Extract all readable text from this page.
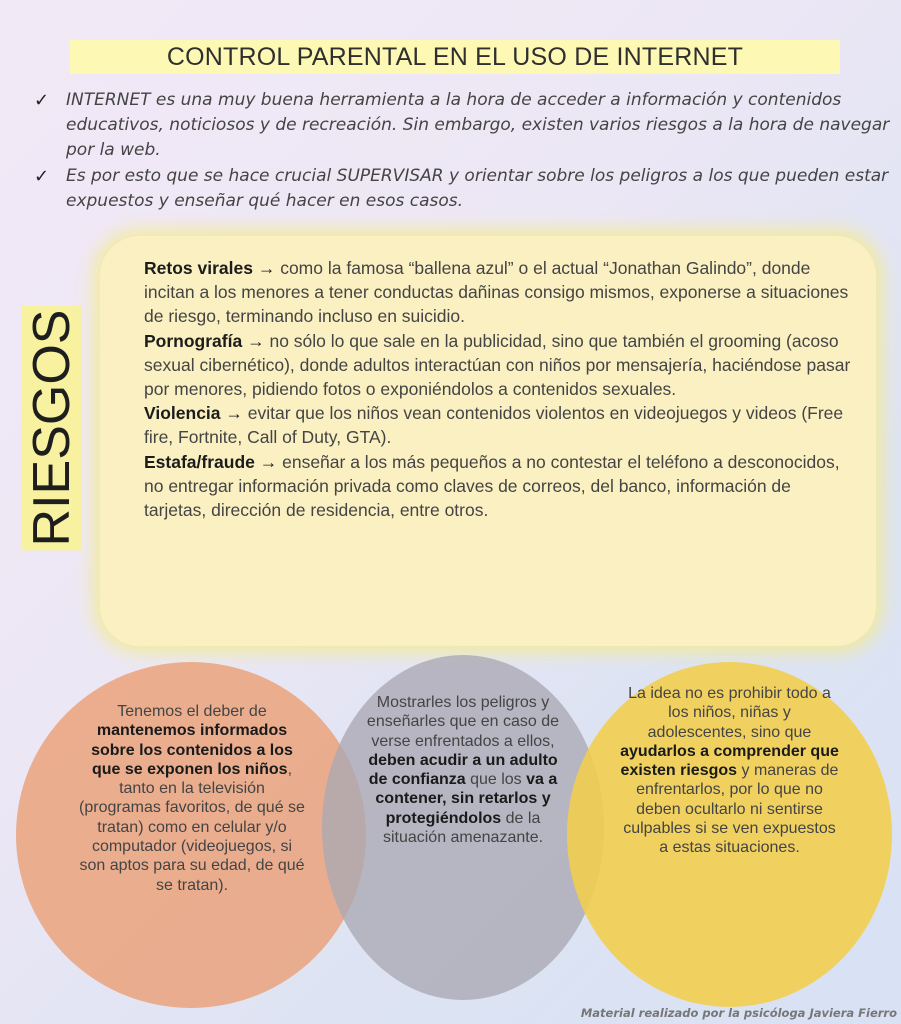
CONTROL PARENTAL EN EL USO DE INTERNET
✓ INTERNET es una muy buena herramienta a la hora de acceder a información y contenidos educativos, noticiosos y de recreación. Sin embargo, existen varios riesgos a la hora de navegar por la web.
✓ Es por esto que se hace crucial SUPERVISAR y orientar sobre los peligros a los que pueden estar expuestos y enseñar qué hacer en esos casos.
RIESGOS

Retos virales → como la famosa “ballena azul” o el actual “Jonathan Galindo”, donde incitan a los menores a tener conductas dañinas consigo mismos, exponerse a situaciones de riesgo, terminando incluso en suicidio.

Pornografía → no sólo lo que sale en la publicidad, sino que también el grooming (acoso sexual cibernético), donde adultos interactúan con niños por mensajería, haciéndose pasar por menores, pidiendo fotos o exponiéndolos a contenidos sexuales.

Violencia → evitar que los niños vean contenidos violentos en videojuegos y videos (Free fire, Fortnite, Call of Duty, GTA).

Estafa/fraude → enseñar a los más pequeños a no contestar el teléfono a desconocidos, no entregar información privada como claves de correos, del banco, información de tarjetas, dirección de residencia, entre otros.

Tenemos el deber de mantenemos informados sobre los contenidos a los que se exponen los niños, tanto en la televisión (programas favoritos, de qué se tratan) como en celular y/o computador (videojuegos, si son aptos para su edad, de qué se tratan).
Mostrarles los peligros y enseñarles que en caso de verse enfrentados a ellos, deben acudir a un adulto de confianza que los va a contener, sin retarlos y protegiéndolos de la situación amenazante.
La idea no es prohibir todo a los niños, niñas y adolescentes, sino que ayudarlos a comprender que existen riesgos y maneras de enfrentarlos, por lo que no deben ocultarlo ni sentirse culpables si se ven expuestos a estas situaciones.
Material realizado por la psicóloga Javiera Fierro
